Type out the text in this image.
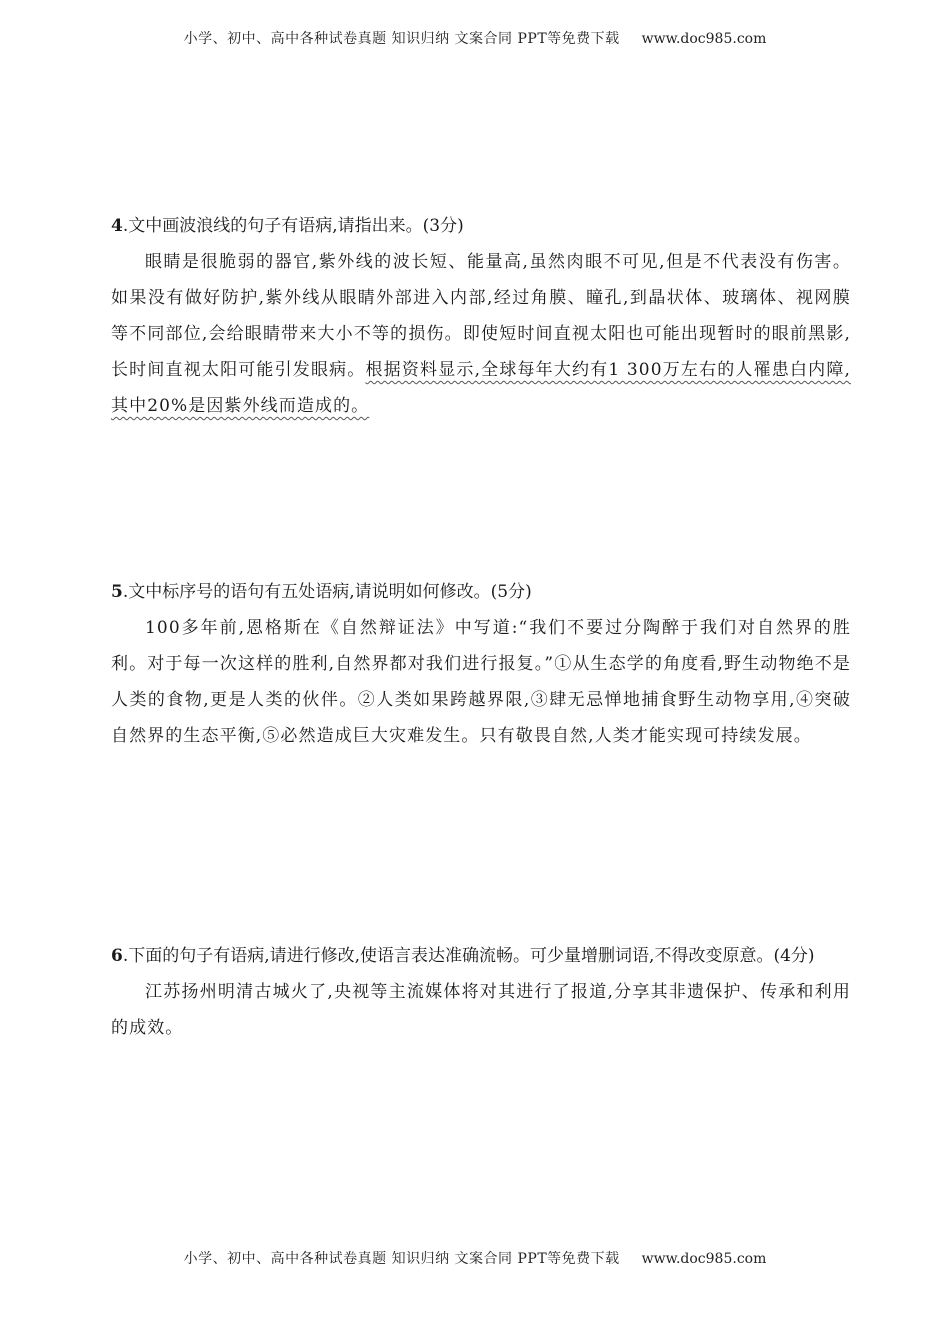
小学、初中、高中各种试卷真题 知识归纳 文案合同 PPT等免费下载 www.doc985.com

4.文中画波浪线的句子有语病,请指出来。(3分)

眼睛是很脆弱的器官,紫外线的波长短、能量高,虽然肉眼不可见,但是不代表没有伤害。如果没有做好防护,紫外线从眼睛外部进入内部,经过角膜、瞳孔,到晶状体、玻璃体、视网膜等不同部位,会给眼睛带来大小不等的损伤。即使短时间直视太阳也可能出现暂时的眼前黑影,长时间直视太阳可能引发眼病。根据资料显示,全球每年大约有1 300万左右的人罹患白内障,其中20%是因紫外线而造成的。

5.文中标序号的语句有五处语病,请说明如何修改。(5分)

100多年前,恩格斯在《自然辩证法》中写道:“我们不要过分陶醉于我们对自然界的胜利。对于每一次这样的胜利,自然界都对我们进行报复。”①从生态学的角度看,野生动物绝不是人类的食物,更是人类的伙伴。②人类如果跨越界限,③肆无忌惮地捕食野生动物享用,④突破自然界的生态平衡,⑤必然造成巨大灾难发生。只有敬畏自然,人类才能实现可持续发展。

6.下面的句子有语病,请进行修改,使语言表达准确流畅。可少量增删词语,不得改变原意。(4分)

江苏扬州明清古城火了,央视等主流媒体将对其进行了报道,分享其非遗保护、传承和利用的成效。

小学、初中、高中各种试卷真题 知识归纳 文案合同 PPT等免费下载 www.doc985.com
